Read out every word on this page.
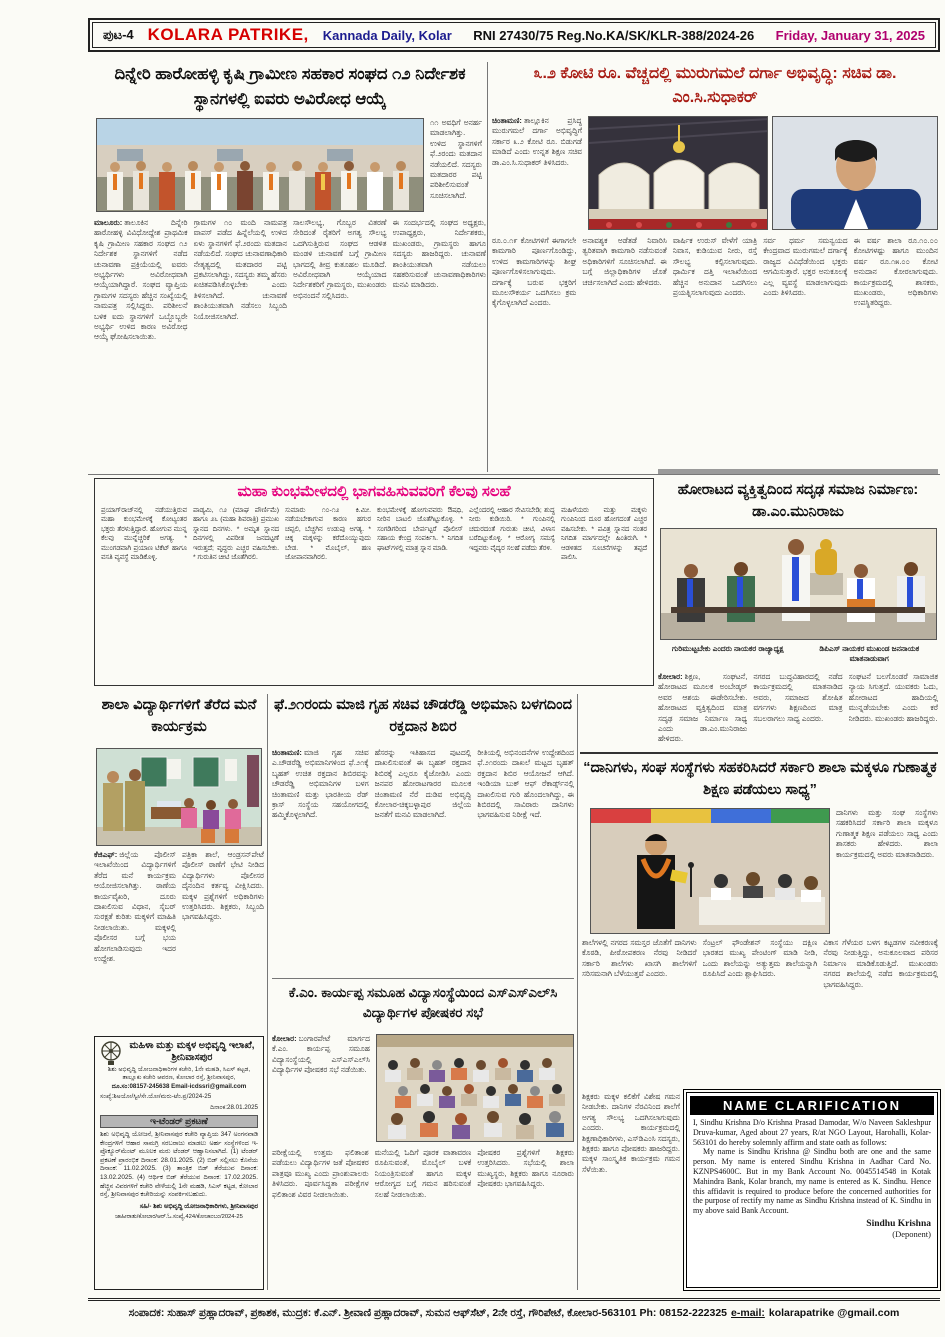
ಪುಟ-4 KOLARA PATRIKE, Kannada Daily, Kolar	RNI 27430/75 Reg.No.KA/SK/KLR-388/2024-26	Friday, January 31, 2025
ದಿನ್ನೇರಿ ಹಾರೋಹಳ್ಳಿ ಕೃಷಿ ಗ್ರಾಮೀಣ ಸಹಕಾರ ಸಂಘದ ೧೨ ನಿರ್ದೇಶಕ ಸ್ಥಾನಗಳಲ್ಲಿ ಐವರು ಅವಿರೋಧ ಆಯ್ಕೆ
೧೧ ಅವಧಿಗೆ ಅನರ್ಹ ಮಾಡಲಾಗಿತ್ತು. ಉಳಿದ ಸ್ಥಾನಗಳಿಗೆ ಫೆ.೨ರಂದು ಮತದಾನ ನಡೆಯಲಿದೆ. ಸದಸ್ಯರು ಮತದಾರರ ಪಟ್ಟಿ ಪರಿಶೀಲಿಸುವಂತೆ ಸೂಚಿಸಲಾಗಿದೆ.

ಮಾಲೂರು: ತಾಲೂಕಿನ ದಿನ್ನೇರಿ ಹಾರೋಹಳ್ಳಿ ವಿವಿಧೋದ್ದೇಶ ಪ್ರಾಥಮಿಕ ಕೃಷಿ ಗ್ರಾಮೀಣ ಸಹಕಾರ ಸಂಘದ ೧೨ ನಿರ್ದೇಶಕ ಸ್ಥಾನಗಳಿಗೆ ನಡೆದ ಚುನಾವಣಾ ಪ್ರಕ್ರಿಯೆಯಲ್ಲಿ ಐವರು ಅಭ್ಯರ್ಥಿಗಳು ಅವಿರೋಧವಾಗಿ ಆಯ್ಕೆಯಾಗಿದ್ದಾರೆ. ಸಂಘದ ವ್ಯಾಪ್ತಿಯ ಗ್ರಾಮಗಳ ಸದಸ್ಯರು ಹೆಚ್ಚಿನ ಸಂಖ್ಯೆಯಲ್ಲಿ ನಾಮಪತ್ರ ಸಲ್ಲಿಸಿದ್ದರು. ಪರಿಶೀಲನೆ ಬಳಿಕ ಐದು ಸ್ಥಾನಗಳಿಗೆ ಒಬ್ಬೊಬ್ಬರೇ ಅಭ್ಯರ್ಥಿ ಉಳಿದ ಕಾರಣ ಅವಿರೋಧ ಆಯ್ಕೆ ಘೋಷಿಸಲಾಯಿತು.

ಗ್ರಾಮಗಳ ೧೦ ಮಂದಿ ನಾಮಪತ್ರ ವಾಪಸ್ ಪಡೆದ ಹಿನ್ನೆಲೆಯಲ್ಲಿ ಉಳಿದ ಏಳು ಸ್ಥಾನಗಳಿಗೆ ಫೆ.೨ರಂದು ಮತದಾನ ನಡೆಯಲಿದೆ. ಸಂಘದ ಚುನಾವಣಾಧಿಕಾರಿ ನೇತೃತ್ವದಲ್ಲಿ ಮತದಾರರ ಪಟ್ಟಿ ಪ್ರಕಟಿಸಲಾಗಿದ್ದು, ಸದಸ್ಯರು ತಮ್ಮ ಹೆಸರು ಖಚಿತಪಡಿಸಿಕೊಳ್ಳಬೇಕು ಎಂದು ತಿಳಿಸಲಾಗಿದೆ. ಚುನಾವಣೆ ಶಾಂತಿಯುತವಾಗಿ ನಡೆಸಲು ಸಿಬ್ಬಂದಿ ನಿಯೋಜಿಸಲಾಗಿದೆ.
ಸಾಲಸೌಲಭ್ಯ, ಗೊಬ್ಬರ ವಿತರಣೆ ಸೇರಿದಂತೆ ರೈತರಿಗೆ ಅಗತ್ಯ ಸೌಲಭ್ಯ ಒದಗಿಸುತ್ತಿರುವ ಸಂಘದ ಆಡಳಿತ ಮಂಡಳಿ ಚುನಾವಣೆ ಬಗ್ಗೆ ಗ್ರಾಮೀಣ ಭಾಗದಲ್ಲಿ ತೀವ್ರ ಕುತೂಹಲ ಮೂಡಿದೆ. ಅವಿರೋಧವಾಗಿ ಆಯ್ಕೆಯಾದ ನಿರ್ದೇಶಕರಿಗೆ ಗ್ರಾಮಸ್ಥರು, ಮುಖಂಡರು ಅಭಿನಂದನೆ ಸಲ್ಲಿಸಿದರು.
ಈ ಸಂದರ್ಭದಲ್ಲಿ ಸಂಘದ ಅಧ್ಯಕ್ಷರು, ಉಪಾಧ್ಯಕ್ಷರು, ನಿರ್ದೇಶಕರು, ಮುಖಂಡರು, ಗ್ರಾಮಸ್ಥರು ಹಾಗೂ ಸದಸ್ಯರು ಹಾಜರಿದ್ದರು. ಚುನಾವಣೆ ಶಾಂತಿಯುತವಾಗಿ ನಡೆಯಲು ಸಹಕರಿಸುವಂತೆ ಚುನಾವಣಾಧಿಕಾರಿಗಳು ಮನವಿ ಮಾಡಿದರು.
೩.೨ ಕೋಟಿ ರೂ. ವೆಚ್ಚದಲ್ಲಿ ಮುರುಗಮಲೆ ದರ್ಗಾ ಅಭಿವೃದ್ಧಿ: ಸಚಿವ ಡಾ. ಎಂ.ಸಿ.ಸುಧಾಕರ್

ಚಿಂತಾಮಣಿ: ತಾಲ್ಲೂಕಿನ ಪ್ರಸಿದ್ಧ ಮುರುಗಮಲೆ ದರ್ಗಾ ಅಭಿವೃದ್ಧಿಗೆ ಸರ್ಕಾರ ೩.೨ ಕೋಟಿ ರೂ. ಬಿಡುಗಡೆ ಮಾಡಿದೆ ಎಂದು ಉನ್ನತ ಶಿಕ್ಷಣ ಸಚಿವ ಡಾ.ಎಂ.ಸಿ.ಸುಧಾಕರ್ ತಿಳಿಸಿದರು.

ರೂ.೦.೧೯ ಕೋಟಿಗಳಿಗೆ ಈಗಾಗಲೇ ಕಾಮಗಾರಿ ಪೂರ್ಣಗೊಂಡಿದ್ದು, ಉಳಿದ ಕಾಮಗಾರಿಗಳನ್ನು ಶೀಘ್ರ ಪೂರ್ಣಗೊಳಿಸಲಾಗುವುದು. ದರ್ಗಾಕ್ಕೆ ಬರುವ ಭಕ್ತರಿಗೆ ಮೂಲಸೌಕರ್ಯ ಒದಗಿಸಲು ಕ್ರಮ ಕೈಗೊಳ್ಳಲಾಗಿದೆ ಎಂದರು.
ಅನಾವಶ್ಯಕ ಅಡೆತಡೆ ನಿವಾರಿಸಿ ತ್ವರಿತವಾಗಿ ಕಾಮಗಾರಿ ನಡೆಸುವಂತೆ ಅಧಿಕಾರಿಗಳಿಗೆ ಸೂಚಿಸಲಾಗಿದೆ. ಈ ಬಗ್ಗೆ ಜಿಲ್ಲಾಧಿಕಾರಿಗಳ ಜೊತೆ ಚರ್ಚಿಸಲಾಗಿದೆ ಎಂದು ಹೇಳಿದರು.
ವಾರ್ಷಿಕ ಉರುಸ್ ವೇಳೆಗೆ ಯಾತ್ರಿ ನಿವಾಸ, ಕುಡಿಯುವ ನೀರು, ರಸ್ತೆ ಸೌಲಭ್ಯ ಕಲ್ಪಿಸಲಾಗುವುದು. ಧಾರ್ಮಿಕ ದತ್ತಿ ಇಲಾಖೆಯಿಂದ ಹೆಚ್ಚಿನ ಅನುದಾನ ಒದಗಿಸಲು ಪ್ರಯತ್ನಿಸಲಾಗುವುದು ಎಂದರು.
ಸರ್ವ ಧರ್ಮ ಸಮನ್ವಯದ ಕೇಂದ್ರವಾದ ಮುರುಗಮಲೆ ದರ್ಗಾಕ್ಕೆ ರಾಜ್ಯದ ವಿವಿಧೆಡೆಯಿಂದ ಭಕ್ತರು ಆಗಮಿಸುತ್ತಾರೆ. ಭಕ್ತರ ಅನುಕೂಲಕ್ಕೆ ಎಲ್ಲ ವ್ಯವಸ್ಥೆ ಮಾಡಲಾಗುವುದು ಎಂದು ತಿಳಿಸಿದರು.
ಈ ವರ್ಷ ಶಾಲಾ ರೂ.೧೦.೦೦ ಕೋಟಿಗಳಷ್ಟು ಹಾಗೂ ಮುಂದಿನ ವರ್ಷ ರೂ.೧೫.೦೦ ಕೋಟಿ ಅನುದಾನ ಕೋರಲಾಗುವುದು. ಕಾರ್ಯಕ್ರಮದಲ್ಲಿ ಶಾಸಕರು, ಮುಖಂಡರು, ಅಧಿಕಾರಿಗಳು ಉಪಸ್ಥಿತರಿದ್ದರು.
ಮಹಾ ಕುಂಭಮೇಳದಲ್ಲಿ ಭಾಗವಹಿಸುವವರಿಗೆ ಕೆಲವು ಸಲಹೆ
ಪ್ರಯಾಗ್‌ರಾಜ್‌ನಲ್ಲಿ ನಡೆಯುತ್ತಿರುವ ಮಹಾ ಕುಂಭಮೇಳಕ್ಕೆ ಕೋಟ್ಯಂತರ ಭಕ್ತರು ತೆರಳುತ್ತಿದ್ದಾರೆ. ಹೋಗುವ ಮುನ್ನ ಕೆಲವು ಮುನ್ನೆಚ್ಚರಿಕೆ ಅಗತ್ಯ. * ಮುಂಗಡವಾಗಿ ಪ್ರಯಾಣ ಟಿಕೆಟ್ ಹಾಗೂ ವಸತಿ ವ್ಯವಸ್ಥೆ ಮಾಡಿಕೊಳ್ಳಿ.
ಪಾಡ್ಯಮಿ, ೧೨ (ಮಾಘ ಪೌರ್ಣಿಮೆ) ಹಾಗೂ ೨೬ (ಮಹಾ ಶಿವರಾತ್ರಿ) ಪ್ರಮುಖ ಸ್ನಾನದ ದಿನಗಳು. * ಅಮೃತ ಸ್ನಾನದ ದಿನಗಳಲ್ಲಿ ವಿಪರೀತ ಜನದಟ್ಟಣೆ ಇರುತ್ತದೆ; ವೃದ್ಧರು ಎಚ್ಚರ ವಹಿಸಬೇಕು. * ಗುರುತಿನ ಚೀಟಿ ಜೊತೆಗಿರಲಿ.
ಸುಮಾರು ೧೦-೧೨ ಕಿ.ಮೀ. ನಡೆಯಬೇಕಾಗುವ ಕಾರಣ ಹಗುರ ಚಪ್ಪಲಿ, ಬೆಚ್ಚಗಿನ ಉಡುಪು ಅಗತ್ಯ. * ಚಿಕ್ಕ ಮಕ್ಕಳನ್ನು ಕರೆದೊಯ್ಯುವುದು ಬೇಡ. * ಮೊಬೈಲ್, ಹಣ ಜೋಪಾನವಾಗಿರಲಿ.
ಕುಂಭಮೇಳಕ್ಕೆ ಹೋಗುವವರು ಔಷಧಿ, ನೀರಿನ ಬಾಟಲಿ ಜೊತೆಗಿಟ್ಟುಕೊಳ್ಳಿ. * ಸಂಗಡಿಗರಿಂದ ಬೇರ್ಪಟ್ಟರೆ ಪೊಲೀಸ್ ಸಹಾಯ ಕೇಂದ್ರ ಸಂಪರ್ಕಿಸಿ. * ನಿಗದಿತ ಘಾಟ್‌ಗಳಲ್ಲಿ ಮಾತ್ರ ಸ್ನಾನ ಮಾಡಿ.
ಎಲ್ಲೆಂದರಲ್ಲಿ ಆಹಾರ ಸೇವಿಸಬೇಡಿ; ಶುದ್ಧ ನೀರು ಕುಡಿಯಿರಿ. * ಗುಂಪಿನಲ್ಲಿ ಚದುರದಂತೆ ಗುರುತು ಚೀಟಿ, ವಿಳಾಸ ಬರೆದಿಟ್ಟುಕೊಳ್ಳಿ. * ಆರೋಗ್ಯ ಸಮಸ್ಯೆ ಇದ್ದವರು ವೈದ್ಯರ ಸಲಹೆ ಪಡೆದು ತೆರಳಿ.
ಮಹಿಳೆಯರು ಮತ್ತು ಮಕ್ಕಳು ಗುಂಪಿನಿಂದ ದೂರ ಹೋಗದಂತೆ ಎಚ್ಚರ ವಹಿಸಬೇಕು. * ಪವಿತ್ರ ಸ್ನಾನದ ನಂತರ ನಿಗದಿತ ಮಾರ್ಗದಲ್ಲೇ ಹಿಂತಿರುಗಿ. * ಆಡಳಿತದ ಸೂಚನೆಗಳನ್ನು ತಪ್ಪದೆ ಪಾಲಿಸಿ.
ಹೋರಾಟದ ವ್ಯಕ್ತಿತ್ವದಿಂದ ಸದೃಢ ಸಮಾಜ ನಿರ್ಮಾಣ: ಡಾ.ಎಂ.ಮುನಿರಾಜು
ಗುರಿಮುಟ್ಟಬೇಕು ಎಂದರು ನಾಯಕರ ರಾಜ್ಯಾಧ್ಯಕ್ಷ	ಡಿಪಿಎಸ್ ನಾಯಕರ ಮುಖಂಡ ಜನನಾಯಕ ಮಾತನಾಡುವಾಗ

ಕೋಲಾರ: ಶಿಕ್ಷಣ, ಸಂಘಟನೆ, ಹೋರಾಟದ ಮೂಲಕ ಅಂಬೇಡ್ಕರ್ ಅವರ ಆಶಯ ಈಡೇರಿಸಬೇಕು. ಹೋರಾಟದ ವ್ಯಕ್ತಿತ್ವದಿಂದ ಮಾತ್ರ ಸದೃಢ ಸಮಾಜ ನಿರ್ಮಾಣ ಸಾಧ್ಯ ಎಂದು ಡಾ.ಎಂ.ಮುನಿರಾಜು ಹೇಳಿದರು.

ನಗರದ ಬುದ್ಧವಿಹಾರದಲ್ಲಿ ನಡೆದ ಕಾರ್ಯಕ್ರಮದಲ್ಲಿ ಮಾತನಾಡಿದ ಅವರು, ಸಮಾಜದ ಶೋಷಿತ ವರ್ಗಗಳು ಶಿಕ್ಷಣದಿಂದ ಮಾತ್ರ ಸಬಲರಾಗಲು ಸಾಧ್ಯ ಎಂದರು.
ಸಂಘಟನೆ ಬಲಗೊಂಡರೆ ಸಾಮಾಜಿಕ ನ್ಯಾಯ ಸಿಗುತ್ತದೆ. ಯುವಕರು ಓದು, ಹೋರಾಟದ ಹಾದಿಯಲ್ಲಿ ಮುನ್ನಡೆಯಬೇಕು ಎಂದು ಕರೆ ನೀಡಿದರು. ಮುಖಂಡರು ಹಾಜರಿದ್ದರು.
ಶಾಲಾ ವಿದ್ಯಾರ್ಥಿಗಳಿಗೆ ತೆರೆದ ಮನೆ ಕಾರ್ಯಕ್ರಮ

ಕೆಜಿಎಫ್: ಜಿಲ್ಲೆಯ ಪೊಲೀಸ್ ಇಲಾಖೆಯಿಂದ ವಿದ್ಯಾರ್ಥಿಗಳಿಗೆ ತೆರೆದ ಮನೆ ಕಾರ್ಯಕ್ರಮ ಆಯೋಜಿಸಲಾಗಿತ್ತು. ಠಾಣೆಯ ಕಾರ್ಯವೈಖರಿ, ದೂರು ದಾಖಲಿಸುವ ವಿಧಾನ, ಸೈಬರ್ ಸುರಕ್ಷತೆ ಕುರಿತು ಮಕ್ಕಳಿಗೆ ಮಾಹಿತಿ ನೀಡಲಾಯಿತು. ಮಕ್ಕಳಲ್ಲಿ ಪೊಲೀಸರ ಬಗ್ಗೆ ಭಯ ಹೋಗಲಾಡಿಸುವುದು ಇದರ ಉದ್ದೇಶ.

ಪತ್ರಿಕಾ ಶಾಲೆ, ಆಂಡ್ರಸನ್‌ಪೇಟೆ ಪೊಲೀಸ್ ಠಾಣೆಗೆ ಭೇಟಿ ನೀಡಿದ ವಿದ್ಯಾರ್ಥಿಗಳು ಪೊಲೀಸರ ದೈನಂದಿನ ಕರ್ತವ್ಯ ವೀಕ್ಷಿಸಿದರು. ಮಕ್ಕಳ ಪ್ರಶ್ನೆಗಳಿಗೆ ಅಧಿಕಾರಿಗಳು ಉತ್ತರಿಸಿದರು. ಶಿಕ್ಷಕರು, ಸಿಬ್ಬಂದಿ ಭಾಗವಹಿಸಿದ್ದರು.
ಫೆ.೨೧ರಂದು ಮಾಜಿ ಗೃಹ ಸಚಿವ ಚೌಡರೆಡ್ಡಿ ಅಭಿಮಾನಿ ಬಳಗದಿಂದ ರಕ್ತದಾನ ಶಿಬಿರ

ಚಿಂತಾಮಣಿ: ಮಾಜಿ ಗೃಹ ಸಚಿವ ಎ.ಚೌಡರೆಡ್ಡಿ ಅಭಿಮಾನಿಗಳಿಂದ ಫೆ.೨೧ಕ್ಕೆ ಬೃಹತ್ ಉಚಿತ ರಕ್ತದಾನ ಶಿಬಿರವನ್ನು ಚೌಡರೆಡ್ಡಿ ಅಭಿಮಾನಿಗಳ ಬಳಗ ಚಿಂತಾಮಣಿ ಮತ್ತು ಭಾರತೀಯ ರೆಡ್ ಕ್ರಾಸ್ ಸಂಸ್ಥೆಯ ಸಹಯೋಗದಲ್ಲಿ ಹಮ್ಮಿಕೊಳ್ಳಲಾಗಿದೆ.

ಹೆಸರನ್ನು ಇತಿಹಾಸದ ಪುಟದಲ್ಲಿ ದಾಖಲಿಸುವಂತೆ ಈ ಬೃಹತ್ ರಕ್ತದಾನ ಶಿಬಿರಕ್ಕೆ ಎಲ್ಲರೂ ಕೈಜೋಡಿಸಿ ಎಂದು ಜನಪರ ಹೋರಾಟಗಾರರ ಮೂಲಕ ಚಿಂತಾಮಣಿ ನೆರೆ ದುಡಿವ ಅಭಿವೃದ್ಧಿ ಕೋಲಾರ-ಚಿಕ್ಕಬಳ್ಳಾಪುರ ಜಿಲ್ಲೆಯ ಜನತೆಗೆ ಮನವಿ ಮಾಡಲಾಗಿದೆ.
ರೀತಿಯಲ್ಲಿ ಅಭಿನಂದನೆಗಳ ಉದ್ದೇಶದಿಂದ ಫೆ.೨೧ರಂದು ದಾಖಲೆ ಮಟ್ಟದ ಬೃಹತ್ ರಕ್ತದಾನ ಶಿಬಿರ ಆಯೋಜನೆ ಆಗಿದೆ. ಇಂಡಿಯಾ ಬುಕ್ ಆಫ್ ರೆಕಾರ್ಡ್ಸ್‌ನಲ್ಲಿ ದಾಖಲಿಸುವ ಗುರಿ ಹೊಂದಲಾಗಿದ್ದು, ಈ ಶಿಬಿರದಲ್ಲಿ ಸಾವಿರಾರು ದಾನಿಗಳು ಭಾಗವಹಿಸುವ ನಿರೀಕ್ಷೆ ಇದೆ.
ಕೆ.ಎಂ. ಕಾರ್ಯಪ್ಪ ಸಮೂಹ ವಿದ್ಯಾಸಂಸ್ಥೆಯಿಂದ ಎಸ್‌ಎಸ್‌ಎಲ್‌ಸಿ ವಿದ್ಯಾರ್ಥಿಗಳ ಪೋಷಕರ ಸಭೆ

ಕೋಲಾರ: ಬಂಗಾರಪೇಟೆ ಮಾರ್ಗದ ಕೆ.ಎಂ. ಕಾರ್ಯಪ್ಪ ಸಮೂಹ ವಿದ್ಯಾಸಂಸ್ಥೆಯಲ್ಲಿ ಎಸ್‌ಎಸ್‌ಎಲ್‌ಸಿ ವಿದ್ಯಾರ್ಥಿಗಳ ಪೋಷಕರ ಸಭೆ ನಡೆಯಿತು.

ಪರೀಕ್ಷೆಯಲ್ಲಿ ಉತ್ತಮ ಫಲಿತಾಂಶ ಪಡೆಯಲು ವಿದ್ಯಾರ್ಥಿಗಳ ಜತೆ ಪೋಷಕರ ಪಾತ್ರವೂ ಮುಖ್ಯ ಎಂದು ಪ್ರಾಂಶುಪಾಲರು ತಿಳಿಸಿದರು. ಪೂರ್ವಸಿದ್ಧತಾ ಪರೀಕ್ಷೆಗಳ ಫಲಿತಾಂಶ ವಿವರ ನೀಡಲಾಯಿತು.
ಮನೆಯಲ್ಲಿ ಓದಿಗೆ ಪೂರಕ ವಾತಾವರಣ ರೂಪಿಸುವಂತೆ, ಮೊಬೈಲ್ ಬಳಕೆ ನಿಯಂತ್ರಿಸುವಂತೆ ಹಾಗೂ ಮಕ್ಕಳ ಆರೋಗ್ಯದ ಬಗ್ಗೆ ಗಮನ ಹರಿಸುವಂತೆ ಸಲಹೆ ನೀಡಲಾಯಿತು.
ಪೋಷಕರ ಪ್ರಶ್ನೆಗಳಿಗೆ ಶಿಕ್ಷಕರು ಉತ್ತರಿಸಿದರು. ಸಭೆಯಲ್ಲಿ ಶಾಲಾ ಮುಖ್ಯಸ್ಥರು, ಶಿಕ್ಷಕರು ಹಾಗೂ ನೂರಾರು ಪೋಷಕರು ಭಾಗವಹಿಸಿದ್ದರು.
“ದಾನಿಗಳು, ಸಂಘ ಸಂಸ್ಥೆಗಳು ಸಹಕರಿಸಿದರೆ ಸರ್ಕಾರಿ ಶಾಲಾ ಮಕ್ಕಳೂ ಗುಣಾತ್ಮಕ ಶಿಕ್ಷಣ ಪಡೆಯಲು ಸಾಧ್ಯ”
ದಾನಿಗಳು ಮತ್ತು ಸಂಘ ಸಂಸ್ಥೆಗಳು ಸಹಕರಿಸಿದರೆ ಸರ್ಕಾರಿ ಶಾಲಾ ಮಕ್ಕಳೂ ಗುಣಾತ್ಮಕ ಶಿಕ್ಷಣ ಪಡೆಯಲು ಸಾಧ್ಯ ಎಂದು ಶಾಸಕರು ಹೇಳಿದರು. ಶಾಲಾ ಕಾರ್ಯಕ್ರಮದಲ್ಲಿ ಅವರು ಮಾತನಾಡಿದರು.
ಶಾಲೆಗಳಲ್ಲಿ ನಗರದ ಸಮಸ್ತರ ಜೊತೆಗೆ ದಾನಿಗಳು ಕೊಠಡಿ, ಪೀಠೋಪಕರಣ ನೆರವು ನೀಡಿದರೆ ಸರ್ಕಾರಿ ಶಾಲೆಗಳು ಖಾಸಗಿ ಶಾಲೆಗಳಿಗೆ ಸರಿಸಮನಾಗಿ ಬೆಳೆಯುತ್ತವೆ ಎಂದರು.
ಸೆಂಟ್ರಲ್ ಫೌಂಡೇಶನ್ ಸಂಸ್ಥೆಯು ದಕ್ಷಿಣ ಭಾರತದ ಮುಖ್ಯ ಪೇಂಟಿಂಗ್ ಮಾಡಿ ನೀಡಿ, ಒಂದು ಶಾಲೆಯನ್ನು ಅತ್ಯುತ್ತಮ ಶಾಲೆಯನ್ನಾಗಿ ರೂಪಿಸಿದೆ ಎಂದು ಶ್ಲಾಘಿಸಿದರು.
ವಿಕಾಸ ಗೆಳೆಯರ ಬಳಗ ಕಟ್ಟಡಗಳ ನವೀಕರಣಕ್ಕೆ ನೆರವು ನೀಡುತ್ತಿದ್ದು, ಅನುಕೂಲವಾದ ಪರಿಸರ ನಿರ್ಮಾಣ ಮಾಡಿಕೊಡುತ್ತಿದೆ. ಮುಖಂಡರು ನಗರದ ಶಾಲೆಯಲ್ಲಿ ನಡೆದ ಕಾರ್ಯಕ್ರಮದಲ್ಲಿ ಭಾಗವಹಿಸಿದ್ದರು.
ಶಿಕ್ಷಕರು ಮಕ್ಕಳ ಕಲಿಕೆಗೆ ವಿಶೇಷ ಗಮನ ನೀಡಬೇಕು. ದಾನಿಗಳ ನೆರವಿನಿಂದ ಶಾಲೆಗೆ ಅಗತ್ಯ ಸೌಲಭ್ಯ ಒದಗಿಸಲಾಗುವುದು ಎಂದರು. ಕಾರ್ಯಕ್ರಮದಲ್ಲಿ ಶಿಕ್ಷಣಾಧಿಕಾರಿಗಳು, ಎಸ್‌ಡಿಎಂಸಿ ಸದಸ್ಯರು, ಶಿಕ್ಷಕರು ಹಾಗೂ ಪೋಷಕರು ಹಾಜರಿದ್ದರು. ಮಕ್ಕಳ ಸಾಂಸ್ಕೃತಿಕ ಕಾರ್ಯಕ್ರಮ ಗಮನ ಸೆಳೆಯಿತು.
ಮಹಿಳಾ ಮತ್ತು ಮಕ್ಕಳ ಅಭಿವೃದ್ಧಿ ಇಲಾಖೆ, ಶ್ರೀನಿವಾಸಪುರ
ಶಿಶು ಅಭಿವೃದ್ಧಿ ಯೋಜನಾಧಿಕಾರಿಗಳ ಕಚೇರಿ, 1ನೇ ಮಹಡಿ, ಸಿಎಸ್ ಕಟ್ಟಡ, ತಾಲ್ಲೂಕು ಕಚೇರಿ ಆವರಣ, ಕೋಲಾರ ರಸ್ತೆ, ಶ್ರೀನಿವಾಸಪುರ,
ದೂ.ಸಂ:08157-245638 Email-icdssri@gmail.com
ಸಂಖ್ಯೆ:ಶಿಅಯೋ/ಸ್ವೀ/ಸೇ.ಯೋ/ಮರು-ಟೆಂ.ಪ್ರ/2024-25
ದಿನಾಂಕ:28.01.2025
ಇ-ಟೆಂಡರ್ ಪ್ರಕಟಣೆ
ಶಿಶು ಅಭಿವೃದ್ಧಿ ಯೋಜನೆ, ಶ್ರೀನಿವಾಸಪುರ ಕಚೇರಿ ವ್ಯಾಪ್ತಿಯ 347 ಅಂಗನವಾಡಿ ಕೇಂದ್ರಗಳಿಗೆ ಆಹಾರ ಸಾಮಗ್ರಿ ಸರಬರಾಜು ಮಾಡಲು ಅರ್ಹ ಸಂಸ್ಥೆಗಳಿಂದ ಇ-ಪ್ರೊಕ್ಯೂರ್‌ಮೆಂಟ್ ಮೂಲಕ ಮರು ಟೆಂಡರ್ ಆಹ್ವಾನಿಸಲಾಗಿದೆ. (1) ಟೆಂಡರ್ ಪ್ರಕಟಣೆ ಪ್ರಾರಂಭಿಕ ದಿನಾಂಕ: 28.01.2025. (2) ಬಿಡ್ ಸಲ್ಲಿಸಲು ಕೊನೆಯ ದಿನಾಂಕ: 11.02.2025. (3) ತಾಂತ್ರಿಕ ಬಿಡ್ ತೆರೆಯುವ ದಿನಾಂಕ: 13.02.2025. (4) ಆರ್ಥಿಕ ಬಿಡ್ ತೆರೆಯುವ ದಿನಾಂಕ: 17.02.2025. ಹೆಚ್ಚಿನ ವಿವರಗಳಿಗೆ ಕಚೇರಿ ವೇಳೆಯಲ್ಲಿ 1ನೇ ಮಹಡಿ, ಸಿಎಸ್ ಕಟ್ಟಡ, ಕೋಲಾರ ರಸ್ತೆ, ಶ್ರೀನಿವಾಸಪುರ ಕಚೇರಿಯನ್ನು ಸಂಪರ್ಕಿಸಬಹುದು.
ಸಹಿ/- ಶಿಶು ಅಭಿವೃದ್ಧಿ ಯೋಜನಾಧಿಕಾರಿಗಳು, ಶ್ರೀನಿವಾಸಪುರ
ಜಾಹೀರಾತು/ಕೋಲಾರ/ಆರ್.ಓ.ಸಂಖ್ಯೆ,424/ಕೋಚಾಂಬಂ/2024-25
NAME CLARIFICATION

I, Sindhu Krishna D/o Krishna Prasad Damodar, W/o Naveen Sakleshpur Druva-kumar, Aged about 27 years, R/at NGO Layout, Harohalli, Kolar-563101 do hereby solemnly affirm and state oath as follows:

My name is Sindhu Krishna @ Sindhu both are one and the same person. My name is entered Sindhu Krishna in Aadhar Card No. KZNPS4600C. But in my Bank Account No. 0045514548 in Kotak Mahindra Bank, Kolar branch, my name is entered as K. Sindhu. Hence this affidavit is required to produce before the concerned authorities for the purpose of rectify my name as Sindhu Krishna instead of K. Sindhu in my above said Bank Account.

Sindhu Krishna
(Deponent)
ಸಂಪಾದಕ: ಸುಹಾಸ್ ಪ್ರಹ್ಲಾದರಾವ್, ಪ್ರಕಾಶಕ, ಮುದ್ರಕ: ಕೆ.ಎನ್. ಶ್ರೀವಾಣಿ ಪ್ರಹ್ಲಾದರಾವ್, ಸುಮನ ಆಫ್‌ಸೆಟ್, 2ನೇ ರಸ್ತೆ, ಗೌರಿಪೇಟೆ, ಕೋಲಾರ-563101 Ph: 08152-222325 e-mail: kolarapatrike @gmail.com
